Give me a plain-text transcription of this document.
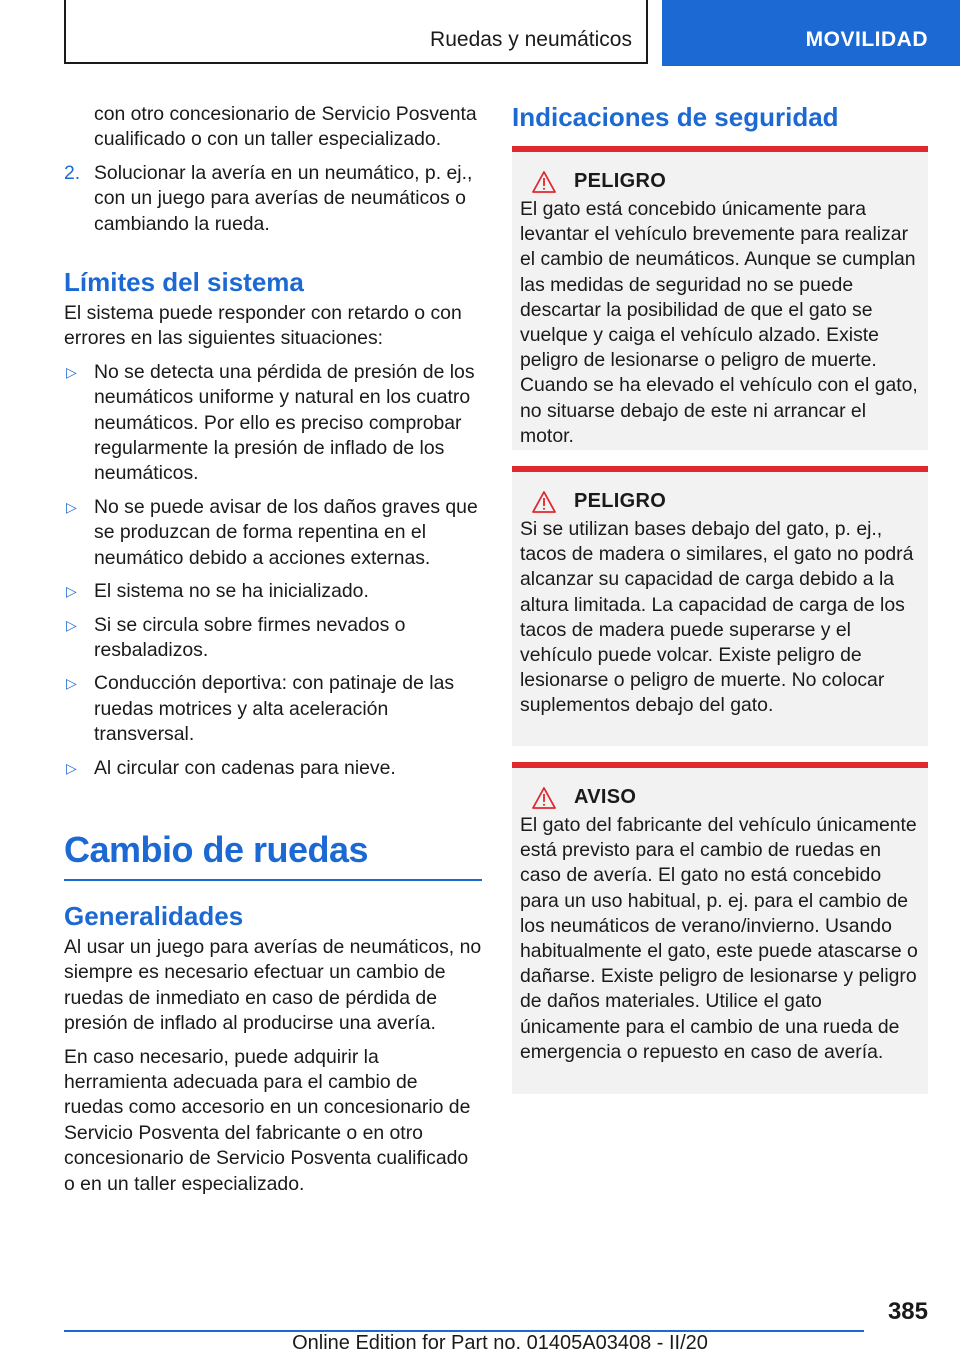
Ruedas y neumáticos	MOVILIDAD

con otro concesionario de Servicio Posventa cualificado o con un taller especializado.

2. Solucionar la avería en un neumático, p. ej., con un juego para averías de neumáticos o cambiando la rueda.
Límites del sistema

El sistema puede responder con retardo o con errores en las siguientes situaciones:

▷ No se detecta una pérdida de presión de los neumáticos uniforme y natural en los cuatro neumáticos. Por ello es preciso comprobar regularmente la presión de inflado de los neumáticos.
▷ No se puede avisar de los daños graves que se produzcan de forma repentina en el neumático debido a acciones externas.
▷ El sistema no se ha inicializado.
▷ Si se circula sobre firmes nevados o resbaladizos.
▷ Conducción deportiva: con patinaje de las ruedas motrices y alta aceleración transversal.
▷ Al circular con cadenas para nieve.
Cambio de ruedas
Generalidades

Al usar un juego para averías de neumáticos, no siempre es necesario efectuar un cambio de ruedas de inmediato en caso de pérdida de presión de inflado al producirse una avería.

En caso necesario, puede adquirir la herramienta adecuada para el cambio de ruedas como accesorio en un concesionario de Servicio Posventa del fabricante o en otro concesionario de Servicio Posventa cualificado o en un taller especializado.

Indicaciones de seguridad
PELIGRO

El gato está concebido únicamente para levantar el vehículo brevemente para realizar el cambio de neumáticos. Aunque se cumplan las medidas de seguridad no se puede descartar la posibilidad de que el gato se vuelque y caiga el vehículo alzado. Existe peligro de lesionarse o peligro de muerte. Cuando se ha elevado el vehículo con el gato, no situarse debajo de este ni arrancar el motor.

PELIGRO

Si se utilizan bases debajo del gato, p. ej., tacos de madera o similares, el gato no podrá alcanzar su capacidad de carga debido a la altura limitada. La capacidad de carga de los tacos de madera puede superarse y el vehículo puede volcar. Existe peligro de lesionarse o peligro de muerte. No colocar suplementos debajo del gato.

AVISO

El gato del fabricante del vehículo únicamente está previsto para el cambio de ruedas en caso de avería. El gato no está concebido para un uso habitual, p. ej. para el cambio de los neumáticos de verano/invierno. Usando habitualmente el gato, este puede atascarse o dañarse. Existe peligro de lesionarse y peligro de daños materiales. Utilice el gato únicamente para el cambio de una rueda de emergencia o repuesto en caso de avería.

385
Online Edition for Part no. 01405A03408 - II/20
